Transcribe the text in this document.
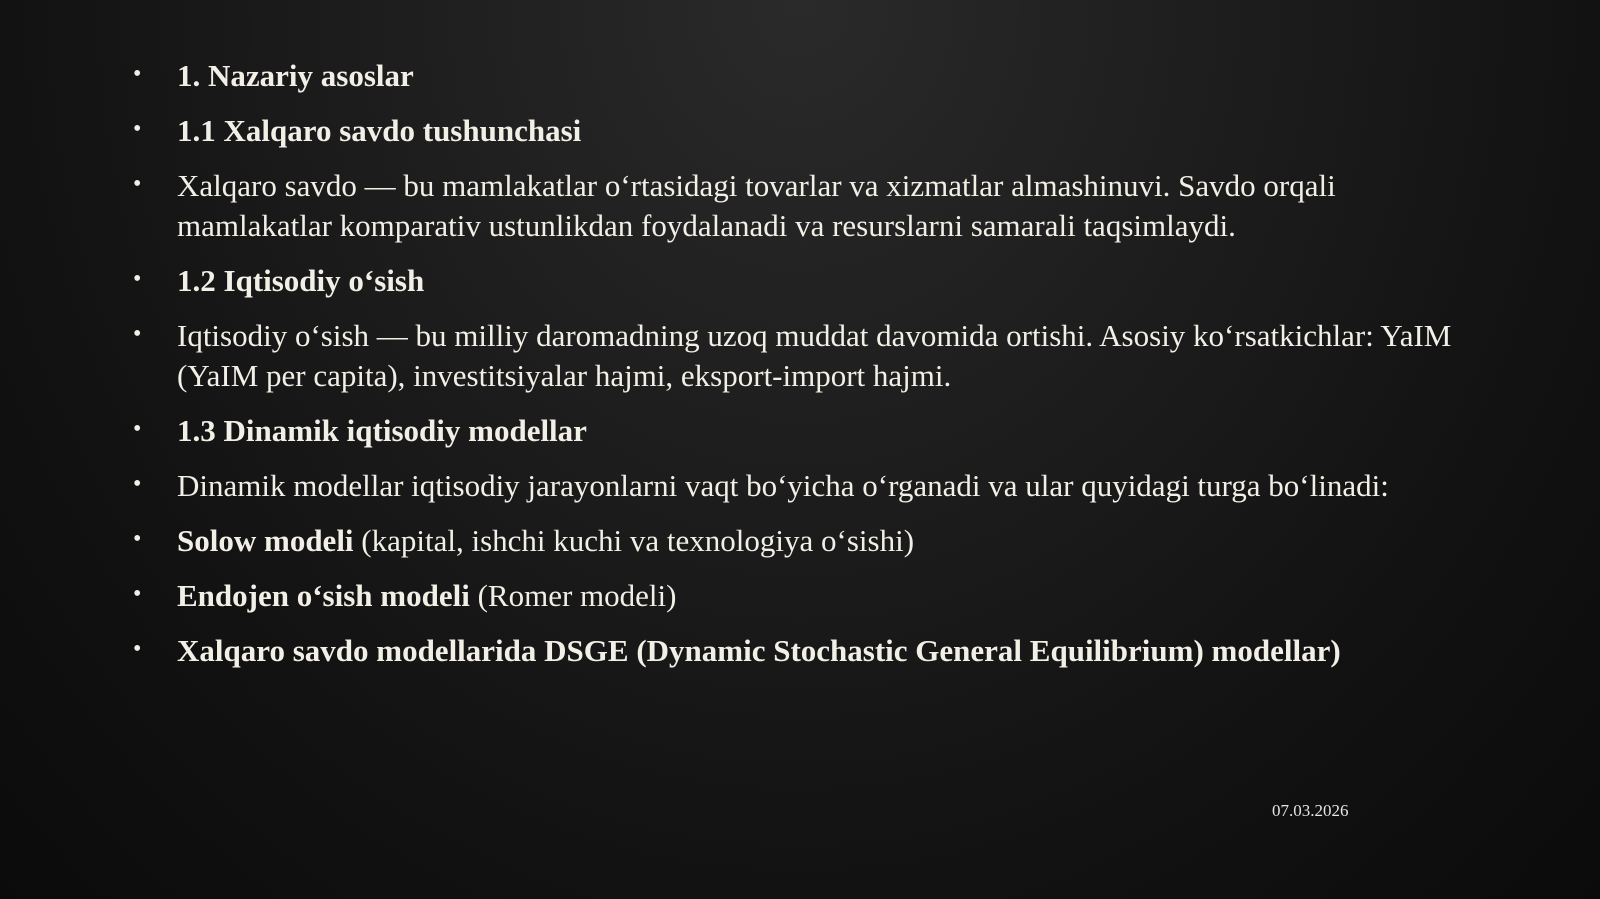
• 1. Nazariy asoslar
• 1.1 Xalqaro savdo tushunchasi
• Xalqaro savdo — bu mamlakatlar o‘rtasidagi tovarlar va xizmatlar almashinuvi. Savdo orqali mamlakatlar komparativ ustunlikdan foydalanadi va resurslarni samarali taqsimlaydi.
• 1.2 Iqtisodiy o‘sish
• Iqtisodiy o‘sish — bu milliy daromadning uzoq muddat davomida ortishi. Asosiy ko‘rsatkichlar: YaIM (YaIM per capita), investitsiyalar hajmi, eksport-import hajmi.
• 1.3 Dinamik iqtisodiy modellar
• Dinamik modellar iqtisodiy jarayonlarni vaqt bo‘yicha o‘rganadi va ular quyidagi turga bo‘linadi:
• Solow modeli (kapital, ishchi kuchi va texnologiya o‘sishi)
• Endojen o‘sish modeli (Romer modeli)
• Xalqaro savdo modellarida DSGE (Dynamic Stochastic General Equilibrium) modellar)
07.03.2026
